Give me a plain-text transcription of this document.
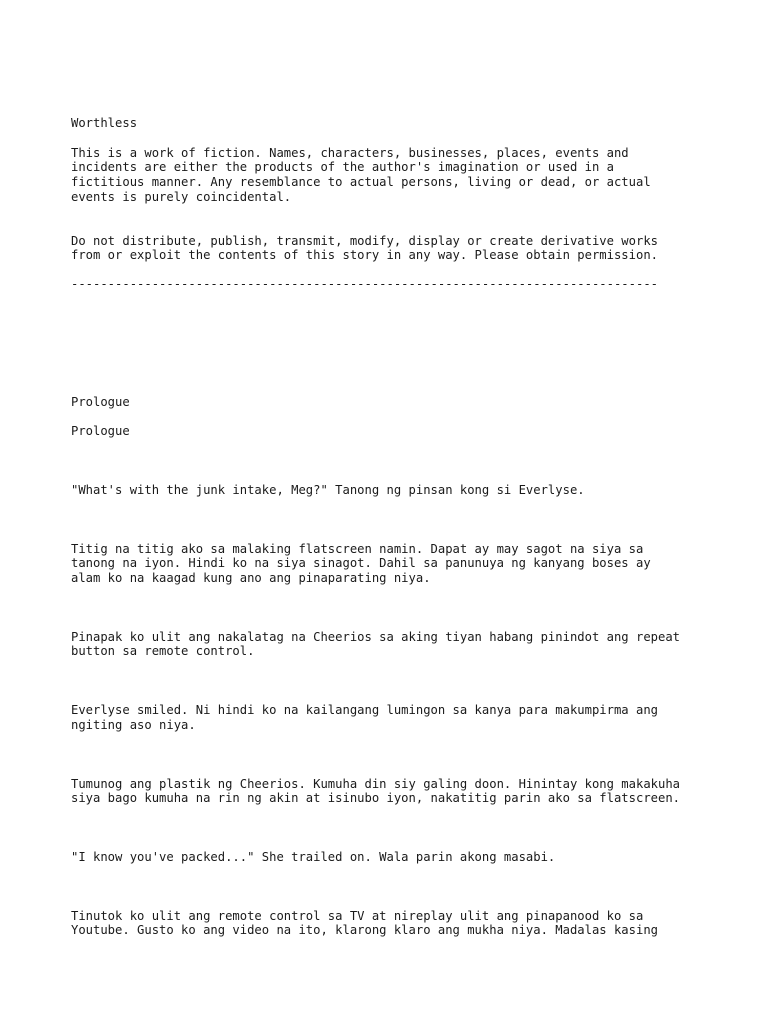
Worthless

This is a work of fiction. Names, characters, businesses, places, events and

incidents are either the products of the author's imagination or used in a

fictitious manner. Any resemblance to actual persons, living or dead, or actual

events is purely coincidental.

Do not distribute, publish, transmit, modify, display or create derivative works

from or exploit the contents of this story in any way. Please obtain permission.

--------------------------------------------------------------------------------

Prologue

Prologue

"What's with the junk intake, Meg?" Tanong ng pinsan kong si Everlyse.

Titig na titig ako sa malaking flatscreen namin. Dapat ay may sagot na siya sa

tanong na iyon. Hindi ko na siya sinagot. Dahil sa panunuya ng kanyang boses ay

alam ko na kaagad kung ano ang pinaparating niya.

Pinapak ko ulit ang nakalatag na Cheerios sa aking tiyan habang pinindot ang repeat

button sa remote control.

Everlyse smiled. Ni hindi ko na kailangang lumingon sa kanya para makumpirma ang

ngiting aso niya.

Tumunog ang plastik ng Cheerios. Kumuha din siy galing doon. Hinintay kong makakuha

siya bago kumuha na rin ng akin at isinubo iyon, nakatitig parin ako sa flatscreen.

"I know you've packed..." She trailed on. Wala parin akong masabi.

Tinutok ko ulit ang remote control sa TV at nireplay ulit ang pinapanood ko sa

Youtube. Gusto ko ang video na ito, klarong klaro ang mukha niya. Madalas kasing
